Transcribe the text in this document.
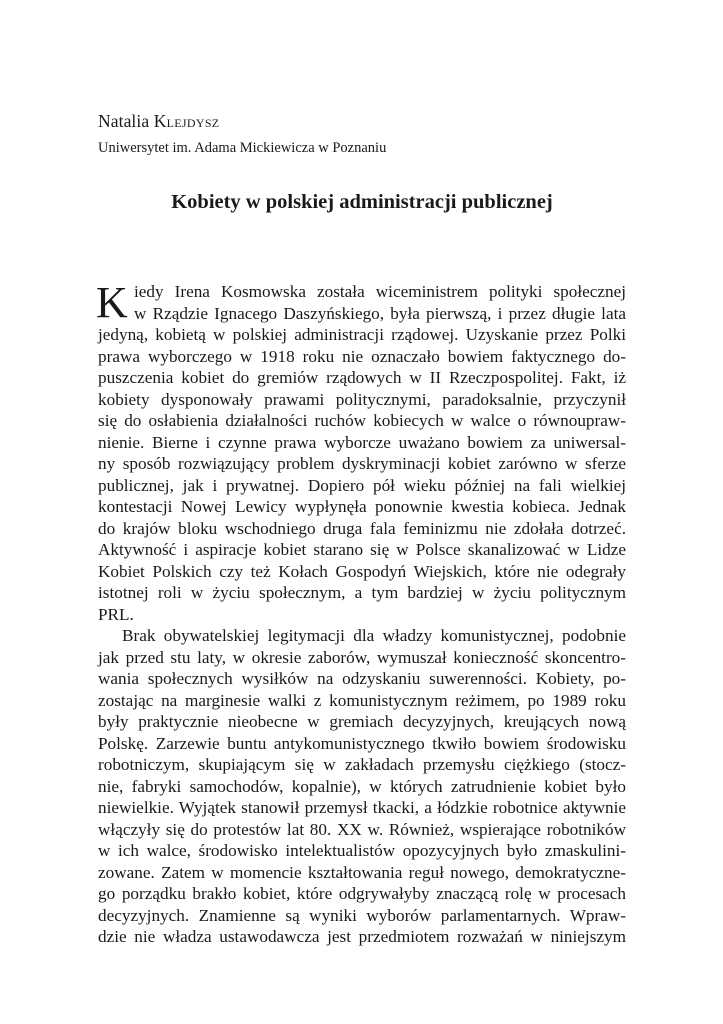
Natalia Klejdysz
Uniwersytet im. Adama Mickiewicza w Poznaniu
Kobiety w polskiej administracji publicznej
K iedy Irena Kosmowska została wiceministrem polityki społecznej
w Rządzie Ignacego Daszyńskiego, była pierwszą, i przez długie lata
jedyną, kobietą w polskiej administracji rządowej. Uzyskanie przez Polki
prawa wyborczego w 1918 roku nie oznaczało bowiem faktycznego do-
puszczenia kobiet do gremiów rządowych w II Rzeczpospolitej. Fakt, iż
kobiety dysponowały prawami politycznymi, paradoksalnie, przyczynił
się do osłabienia działalności ruchów kobiecych w walce o równoupraw-
nienie. Bierne i czynne prawa wyborcze uważano bowiem za uniwersal-
ny sposób rozwiązujący problem dyskryminacji kobiet zarówno w sferze
publicznej, jak i prywatnej. Dopiero pół wieku później na fali wielkiej
kontestacji Nowej Lewicy wypłynęła ponownie kwestia kobieca. Jednak
do krajów bloku wschodniego druga fala feminizmu nie zdołała dotrzeć.
Aktywność i aspiracje kobiet starano się w Polsce skanalizować w Lidze
Kobiet Polskich czy też Kołach Gospodyń Wiejskich, które nie odegrały
istotnej roli w życiu społecznym, a tym bardziej w życiu politycznym
PRL.
Brak obywatelskiej legitymacji dla władzy komunistycznej, podobnie
jak przed stu laty, w okresie zaborów, wymuszał konieczność skoncentro-
wania społecznych wysiłków na odzyskaniu suwerenności. Kobiety, po-
zostając na marginesie walki z komunistycznym reżimem, po 1989 roku
były praktycznie nieobecne w gremiach decyzyjnych, kreujących nową
Polskę. Zarzewie buntu antykomunistycznego tkwiło bowiem środowisku
robotniczym, skupiającym się w zakładach przemysłu ciężkiego (stocz-
nie, fabryki samochodów, kopalnie), w których zatrudnienie kobiet było
niewielkie. Wyjątek stanowił przemysł tkacki, a łódzkie robotnice aktywnie
włączyły się do protestów lat 80. XX w. Również, wspierające robotników
w ich walce, środowisko intelektualistów opozycyjnych było zmaskulini-
zowane. Zatem w momencie kształtowania reguł nowego, demokratyczne-
go porządku brakło kobiet, które odgrywałyby znaczącą rolę w procesach
decyzyjnych. Znamienne są wyniki wyborów parlamentarnych. Wpraw-
dzie nie władza ustawodawcza jest przedmiotem rozważań w niniejszym
